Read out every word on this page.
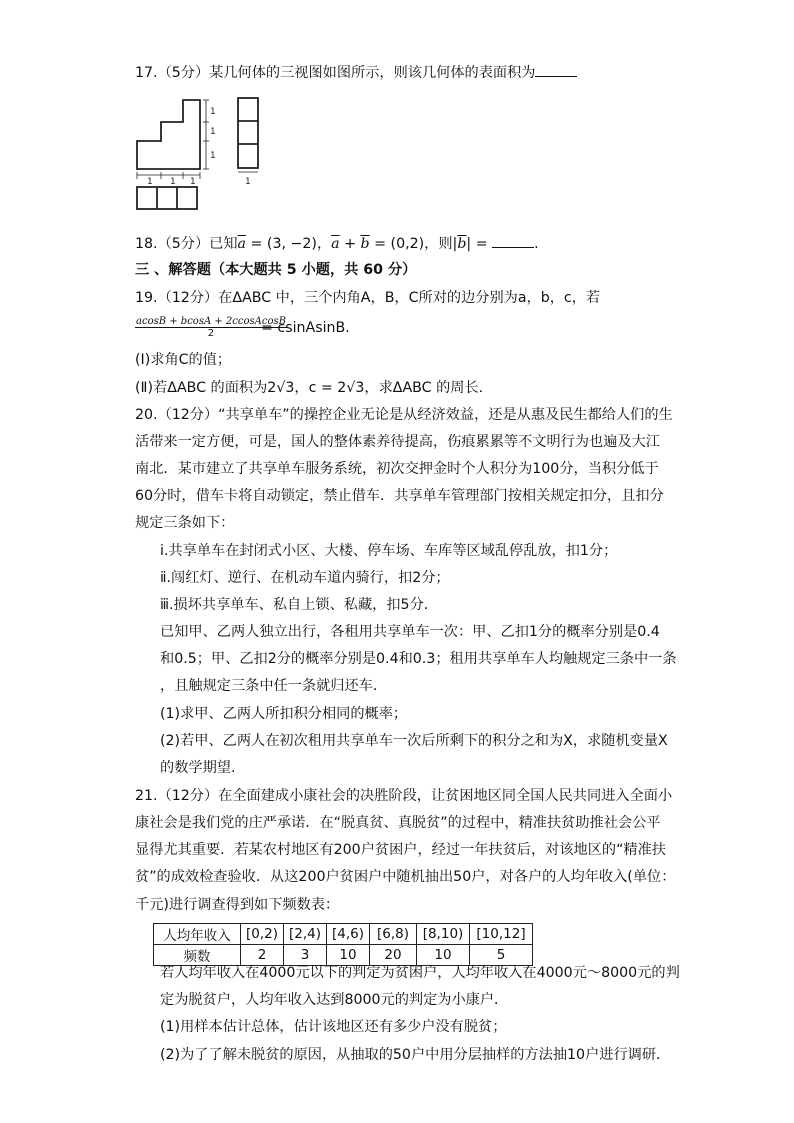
17.（5分）某几何体的三视图如图所示，则该几何体的表面积为
1
1
1
1 1 1	1
18.（5分）已知$\overline{a} = (3$, −2)，$\overline{a} + \overline{b} = (0,2)$，则$|\overline{b}|$ =	.
三 、解答题（本大题共 5 小题，共 60 分）
19.（12分）在ΔABC 中，三个内角A，B，C所对的边分别为a，b，c，若
$\frac{\text{acosB + bcosA + 2ccosAcosB}}{2}$
= csinAsinB.
(Ⅰ)求角C的值；
(Ⅱ)若ΔABC 的面积为2√3，c = 2√3，求ΔABC 的周长.
20.（12分）“共享单车”的操控企业无论是从经济效益，还是从惠及民生都给人们的生
活带来一定方便，可是，国人的整体素养待提高，伤痕累累等不文明行为也遍及大江
南北．某市建立了共享单车服务系统，初次交押金时个人积分为100分，当积分低于
60分时，借车卡将自动锁定，禁止借车．共享单车管理部门按相关规定扣分，且扣分
规定三条如下：
ⅰ.共享单车在封闭式小区、大楼、停车场、车库等区域乱停乱放，扣1分；
ⅱ.闯红灯、逆行、在机动车道内骑行，扣2分；
ⅲ.损坏共享单车、私自上锁、私藏，扣5分．
已知甲、乙两人独立出行，各租用共享单车一次：甲、乙扣1分的概率分别是0.4
和0.5；甲、乙扣2分的概率分别是0.4和0.3；租用共享单车人均触规定三条中一条
，且触规定三条中任一条就归还车．
(1)求甲、乙两人所扣积分相同的概率；
(2)若甲、乙两人在初次租用共享单车一次后所剩下的积分之和为X，求随机变量X
的数学期望.
21.（12分）在全面建成小康社会的决胜阶段，让贫困地区同全国人民共同进入全面小
康社会是我们党的庄严承诺．在“脱真贫、真脱贫”的过程中，精准扶贫助推社会公平
显得尤其重要．若某农村地区有200户贫困户，经过一年扶贫后，对该地区的“精准扶
贫”的成效检查验收．从这200户贫困户中随机抽出50户，对各户的人均年收入(单位：
千元)进行调查得到如下频数表：
人均年收入	[0,2)	[2,4)	[4,6)	[6,8)	[8,10)	[10,12]
频数	2	3	10	20	10	5
若人均年收入在4000元以下的判定为贫困户，人均年收入在4000元～8000元的判
定为脱贫户，人均年收入达到8000元的判定为小康户．
(1)用样本估计总体，估计该地区还有多少户没有脱贫；
(2)为了了解未脱贫的原因，从抽取的50户中用分层抽样的方法抽10户进行调研．
